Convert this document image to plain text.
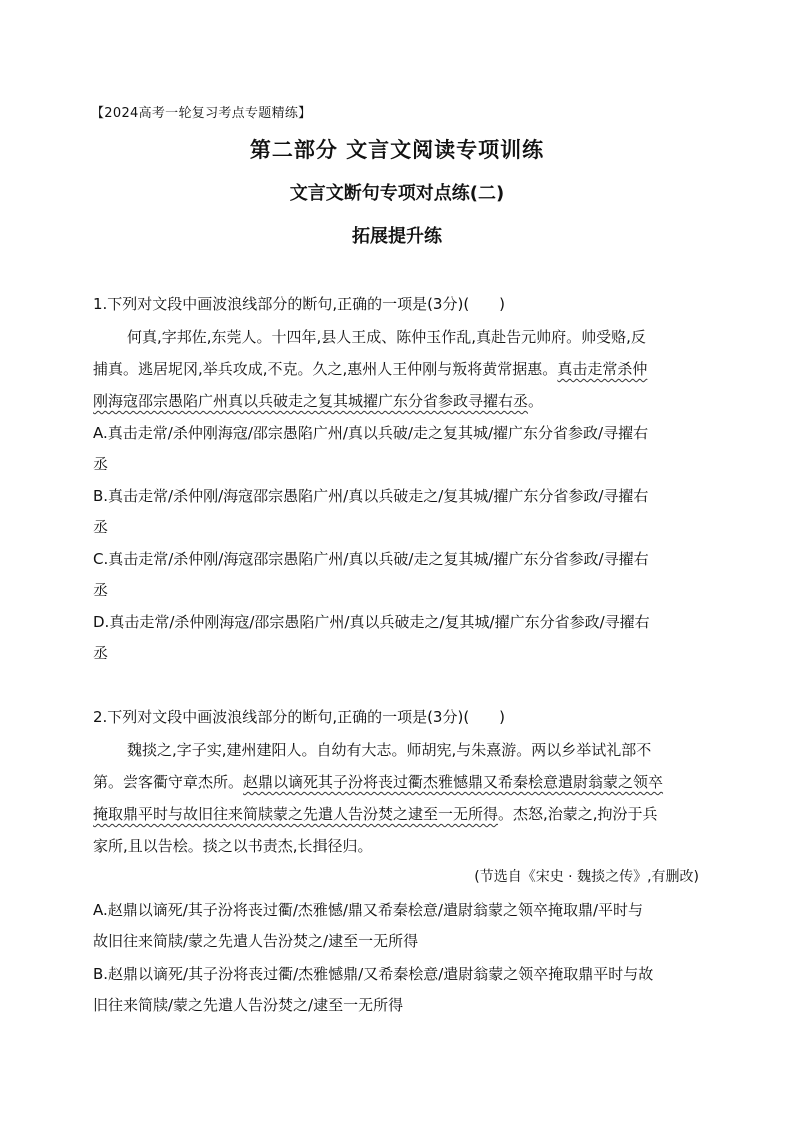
【2024高考一轮复习考点专题精练】
第二部分 文言文阅读专项训练
文言文断句专项对点练(二)
拓展提升练
1.下列对文段中画波浪线部分的断句,正确的一项是(3分)(　　)
何真,字邦佐,东莞人。十四年,县人王成、陈仲玉作乱,真赴告元帅府。帅受赂,反
捕真。逃居坭冈,举兵攻成,不克。久之,惠州人王仲刚与叛将黄常据惠。真击走常杀仲
刚海寇邵宗愚陷广州真以兵破走之复其城擢广东分省参政寻擢右丞。
A.真击走常/杀仲刚海寇/邵宗愚陷广州/真以兵破/走之复其城/擢广东分省参政/寻擢右
丞
B.真击走常/杀仲刚/海寇邵宗愚陷广州/真以兵破走之/复其城/擢广东分省参政/寻擢右
丞
C.真击走常/杀仲刚/海寇邵宗愚陷广州/真以兵破/走之复其城/擢广东分省参政/寻擢右
丞
D.真击走常/杀仲刚海寇/邵宗愚陷广州/真以兵破走之/复其城/擢广东分省参政/寻擢右
丞
2.下列对文段中画波浪线部分的断句,正确的一项是(3分)(　　)
魏掞之,字子实,建州建阳人。自幼有大志。师胡宪,与朱熹游。两以乡举试礼部不
第。尝客衢守章杰所。赵鼎以谪死其子汾将丧过衢杰雅憾鼎又希秦桧意遣尉翁蒙之领卒
掩取鼎平时与故旧往来简牍蒙之先遣人告汾焚之逮至一无所得。杰怒,治蒙之,拘汾于兵
家所,且以告桧。掞之以书责杰,长揖径归。
(节选自《宋史 · 魏掞之传》,有删改)
A.赵鼎以谪死/其子汾将丧过衢/杰雅憾/鼎又希秦桧意/遣尉翁蒙之领卒掩取鼎/平时与
故旧往来简牍/蒙之先遣人告汾焚之/逮至一无所得
B.赵鼎以谪死/其子汾将丧过衢/杰雅憾鼎/又希秦桧意/遣尉翁蒙之领卒掩取鼎平时与故
旧往来简牍/蒙之先遣人告汾焚之/逮至一无所得
